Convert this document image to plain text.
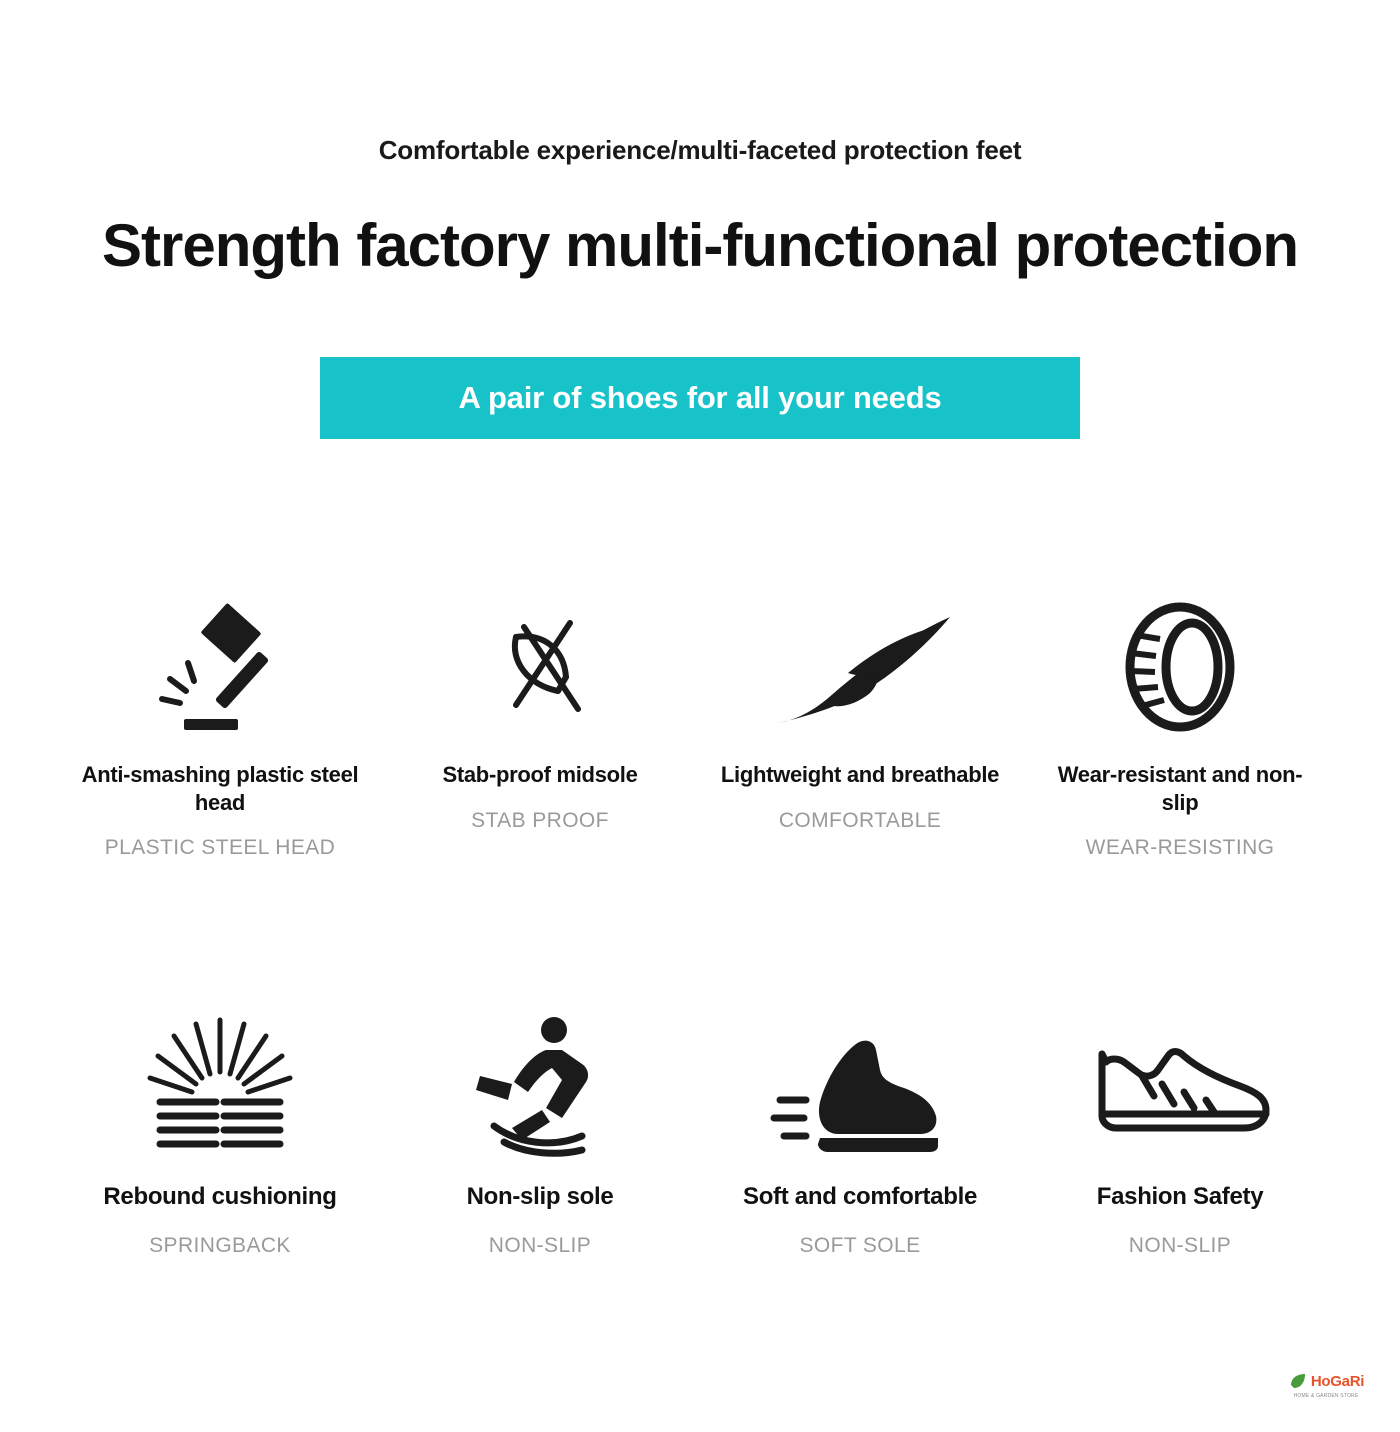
Comfortable experience/multi-faceted protection feet
Strength factory multi-functional protection
A pair of shoes for all your needs
Anti-smashing plastic steel head
PLASTIC STEEL HEAD
Stab-proof midsole
STAB PROOF
Lightweight and breathable
COMFORTABLE
Wear-resistant and non-slip
WEAR-RESISTING
Rebound cushioning
SPRINGBACK
Non-slip sole
NON-SLIP
Soft and comfortable
SOFT SOLE
Fashion Safety
NON-SLIP
HoGaRi
HOME & GARDEN STORE
